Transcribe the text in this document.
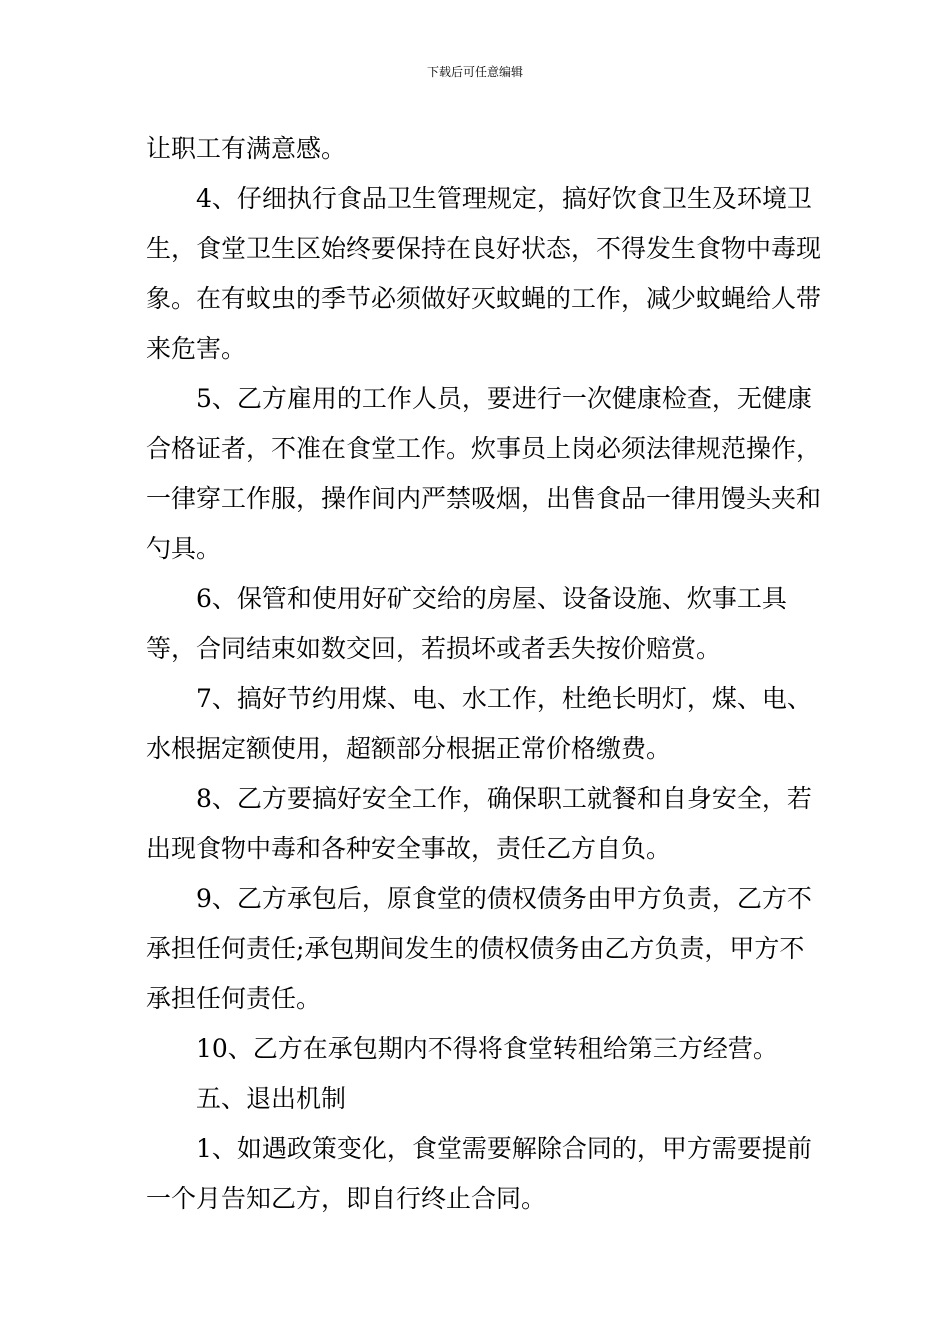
下载后可任意编辑

让职工有满意感。

4、仔细执行食品卫生管理规定，搞好饮食卫生及环境卫生，食堂卫生区始终要保持在良好状态，不得发生食物中毒现象。在有蚊虫的季节必须做好灭蚊蝇的工作，减少蚊蝇给人带来危害。

5、乙方雇用的工作人员，要进行一次健康检查，无健康合格证者，不准在食堂工作。炊事员上岗必须法律规范操作，一律穿工作服，操作间内严禁吸烟，出售食品一律用馒头夹和勺具。

6、保管和使用好矿交给的房屋、设备设施、炊事工具等，合同结束如数交回，若损坏或者丢失按价赔赏。

7、搞好节约用煤、电、水工作，杜绝长明灯，煤、电、水根据定额使用，超额部分根据正常价格缴费。

8、乙方要搞好安全工作，确保职工就餐和自身安全，若出现食物中毒和各种安全事故，责任乙方自负。

9、乙方承包后，原食堂的债权债务由甲方负责，乙方不承担任何责任;承包期间发生的债权债务由乙方负责，甲方不承担任何责任。

10、乙方在承包期内不得将食堂转租给第三方经营。

五、退出机制

1、如遇政策变化，食堂需要解除合同的，甲方需要提前一个月告知乙方，即自行终止合同。
